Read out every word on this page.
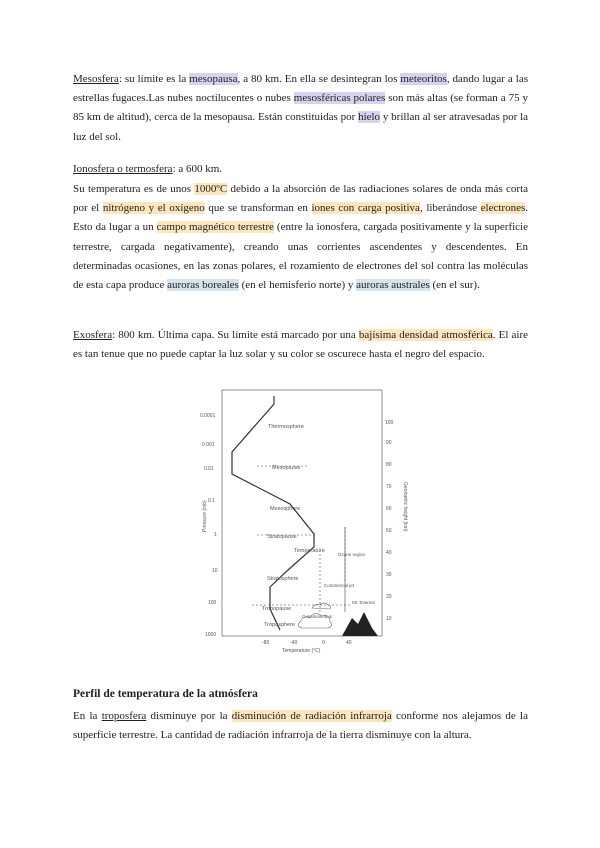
Mesosfera: su límite es la mesopausa, a 80 km. En ella se desintegran los meteoritos, dando lugar a las estrellas fugaces.Las nubes noctilucentes o nubes mesosféricas polares son más altas (se forman a 75 y 85 km de altitud), cerca de la mesopausa. Están constituidas por hielo y brillan al ser atravesadas por la luz del sol.

Ionosfera o termosfera: a 600 km.

Su temperatura es de unos 1000ºC debido a la absorción de las radiaciones solares de onda más corta por el nitrógeno y el oxígeno que se transforman en iones con carga positiva, liberándose electrones. Esto da lugar a un campo magnético terrestre (entre la ionosfera, cargada positivamente y la superficie terrestre, cargada negativamente), creando unas corrientes ascendentes y descendentes. En determinadas ocasiones, en las zonas polares, el rozamiento de electrones del sol contra las moléculas de esta capa produce auroras boreales (en el hemisferio norte) y auroras australes (en el sur).

Exosfera: 800 km. Última capa. Su límite está marcado por una bajísima densidad atmosférica. El aire es tan tenue que no puede captar la luz solar y su color se oscurece hasta el negro del espacio.

0.0001
0.001
0.01
0.1
1
10
100
1000
Pressure (mb)
100
90
80
70
60
50
40
30
20
10
Geometric height (km)
Thermosphere
Mesopause
Mesosphere
Stratopause
Temperature
Stratosphere
Tropopause
Troposphere
Ozone region
Mt. Everest
Cumulonimbus
Commercial jet
-80	-40	0	40
Temperature (°C)

Perfil de temperatura de la atmósfera

En la troposfera disminuye por la disminución de radiación infrarroja conforme nos alejamos de la superficie terrestre. La cantidad de radiación infrarroja de la tierra disminuye con la altura.
